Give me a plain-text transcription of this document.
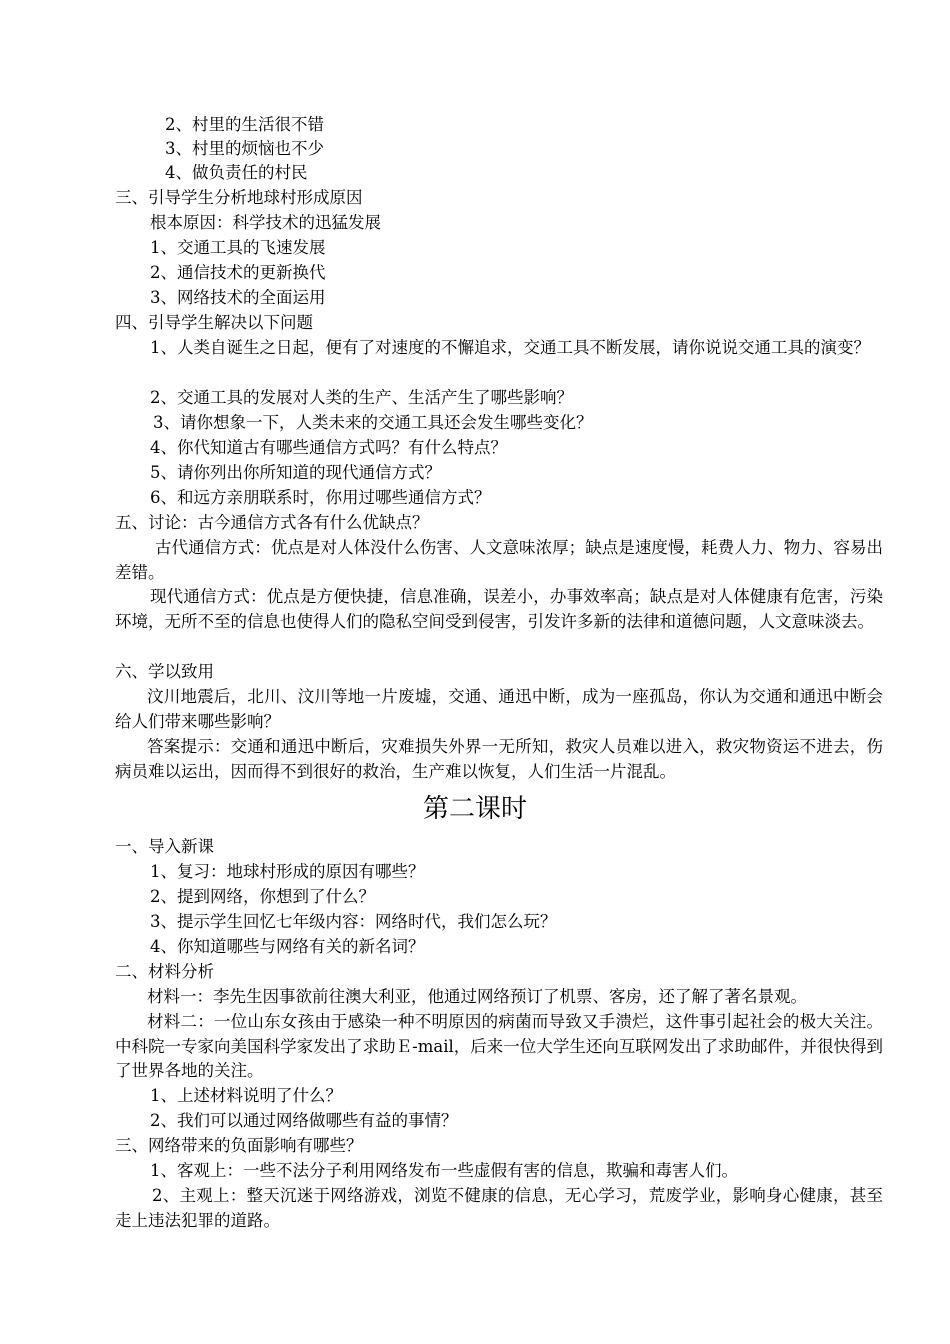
2、村里的生活很不错
3、村里的烦恼也不少
4、做负责任的村民
三、引导学生分析地球村形成原因
根本原因：科学技术的迅猛发展
1、交通工具的飞速发展
2、通信技术的更新换代
3、网络技术的全面运用
四、引导学生解决以下问题
1、人类自诞生之日起，便有了对速度的不懈追求，交通工具不断发展，请你说说交通工具的演变？
2、交通工具的发展对人类的生产、生活产生了哪些影响？
3、请你想象一下，人类未来的交通工具还会发生哪些变化？
4、你代知道古有哪些通信方式吗？有什么特点？
5、请你列出你所知道的现代通信方式？
6、和远方亲朋联系时，你用过哪些通信方式？
五、讨论：古今通信方式各有什么优缺点？
古代通信方式：优点是对人体没什么伤害、人文意味浓厚；缺点是速度慢，耗费人力、物力、容易出差错。
现代通信方式：优点是方便快捷，信息准确，误差小，办事效率高；缺点是对人体健康有危害，污染环境，无所不至的信息也使得人们的隐私空间受到侵害，引发许多新的法律和道德问题，人文意味淡去。
六、学以致用
汶川地震后，北川、汶川等地一片废墟，交通、通迅中断，成为一座孤岛，你认为交通和通迅中断会给人们带来哪些影响？
答案提示：交通和通迅中断后，灾难损失外界一无所知，救灾人员难以进入，救灾物资运不进去，伤病员难以运出，因而得不到很好的救治，生产难以恢复，人们生活一片混乱。
第二课时
一、导入新课
1、复习：地球村形成的原因有哪些？
2、提到网络，你想到了什么？
3、提示学生回忆七年级内容：网络时代，我们怎么玩？
4、你知道哪些与网络有关的新名词？
二、材料分析
材料一：李先生因事欲前往澳大利亚，他通过网络预订了机票、客房，还了解了著名景观。
材料二：一位山东女孩由于感染一种不明原因的病菌而导致又手溃烂，这件事引起社会的极大关注。中科院一专家向美国科学家发出了求助Ｅ-mail，后来一位大学生还向互联网发出了求助邮件，并很快得到了世界各地的关注。
1、上述材料说明了什么？
2、我们可以通过网络做哪些有益的事情？
三、网络带来的负面影响有哪些？
1、客观上：一些不法分子利用网络发布一些虚假有害的信息，欺骗和毒害人们。
2、主观上：整天沉迷于网络游戏，浏览不健康的信息，无心学习，荒废学业，影响身心健康，甚至走上违法犯罪的道路。
